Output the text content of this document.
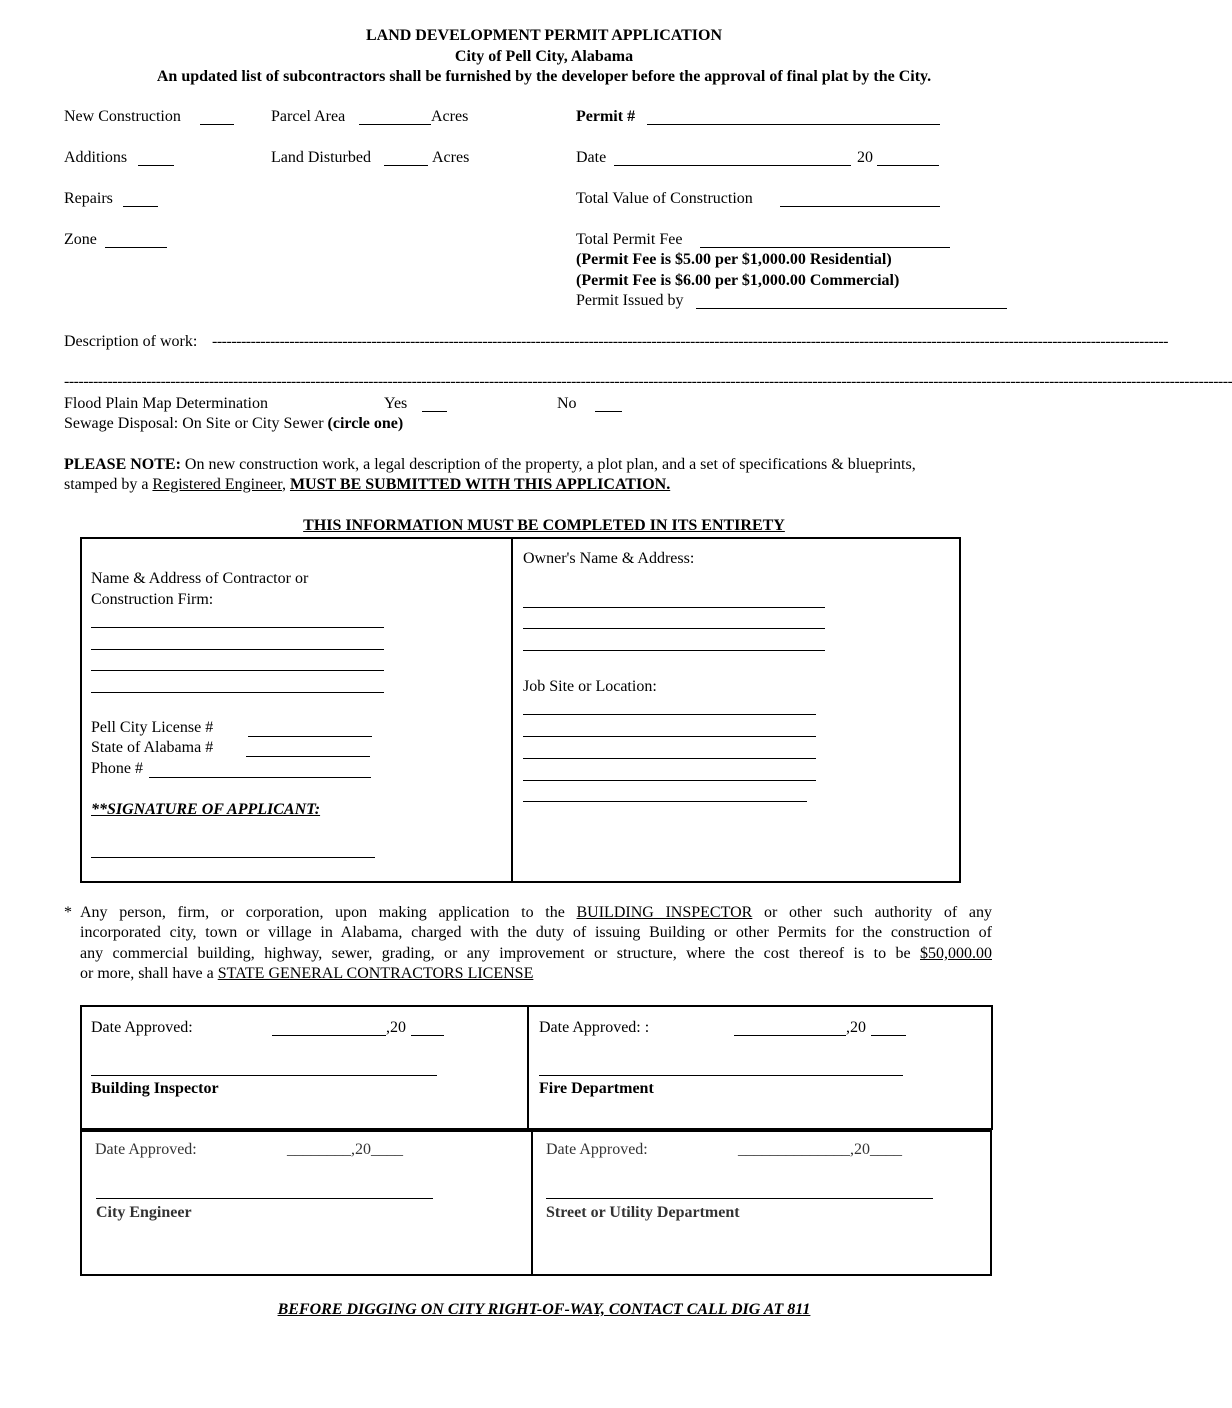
LAND DEVELOPMENT PERMIT APPLICATION
City of Pell City, Alabama
An updated list of subcontractors shall be furnished by the developer before the approval of final plat by the City.
New Construction	Parcel Area	Acres	Permit #
Additions	Land Disturbed	Acres	Date	20
Repairs	Total Value of Construction
Zone	Total Permit Fee
(Permit Fee is $5.00 per $1,000.00 Residential)
(Permit Fee is $6.00 per $1,000.00 Commercial)
Permit Issued by
Description of work: ------------------------------------------------------------------------------------------------------------------------------------------------------------------------------------------------------
--------------------------------------------------------------------------------------------------------------------------------------------------------------------------------------------------------------------------------------------------
Flood Plain Map Determination	Yes	No
Sewage Disposal: On Site or City Sewer (circle one)
PLEASE NOTE: On new construction work, a legal description of the property, a plot plan, and a set of specifications & blueprints,
stamped by a Registered Engineer, MUST BE SUBMITTED WITH THIS APPLICATION.
THIS INFORMATION MUST BE COMPLETED IN ITS ENTIRETY
Name & Address of Contractor or
Construction Firm:
Pell City License #
State of Alabama #
Phone #
**SIGNATURE OF APPLICANT:
Owner's Name & Address:
Job Site or Location:
* Any person, firm, or corporation, upon making application to the BUILDING INSPECTOR or other such authority of any
incorporated city, town or village in Alabama, charged with the duty of issuing Building or other Permits for the construction of
any commercial building, highway, sewer, grading, or any improvement or structure, where the cost thereof is to be $50,000.00
or more, shall have a STATE GENERAL CONTRACTORS LICENSE
Date Approved:	,20
Building Inspector
Date Approved: :	,20
Fire Department
Date Approved:	________,20____
City Engineer
Date Approved:	______________,20____
Street or Utility Department
BEFORE DIGGING ON CITY RIGHT-OF-WAY, CONTACT CALL DIG AT 811
